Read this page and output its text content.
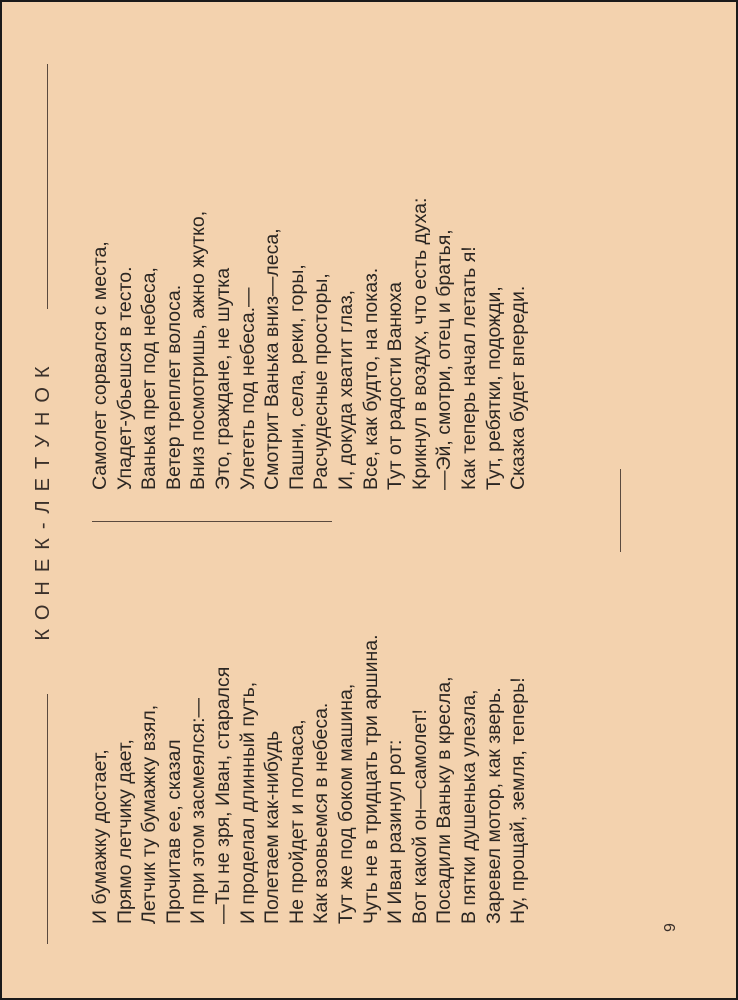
КОНЕК-ЛЕТУНОК
И бумажку достает, Прямо летчику дает, Летчик ту бумажку взял, Прочитав ее, сказал И при этом засмеялся:— —Ты не зря, Иван, старался И проделал длинный путь, Полетаем как-нибудь Не пройдет и полчаса, Как взовьемся в небеса. Тут же под боком машина, Чуть не в тридцать три аршина. И Иван разинул рот: Вот какой он—самолет! Посадили Ваньку в кресла, В пятки душенька улезла, Заревел мотор, как зверь. Ну, прощай, земля, теперь!
Самолет сорвался с места, Упадет-убьешся в тесто. Ванька прет под небеса, Ветер треплет волоса. Вниз посмотришь, ажно жутко, Это, граждане, не шутка Улететь под небеса.— Смотрит Ванька вниз—леса, Пашни, села, реки, горы, Расчудесные просторы, И, докуда хватит глаз, Все, как будто, на показ. Тут от радости Ванюха Крикнул в воздух, что есть духа: —Эй, смотри, отец и братья, Как теперь начал летать я! Тут, ребятки, подожди, Сказка будет впереди.
9
